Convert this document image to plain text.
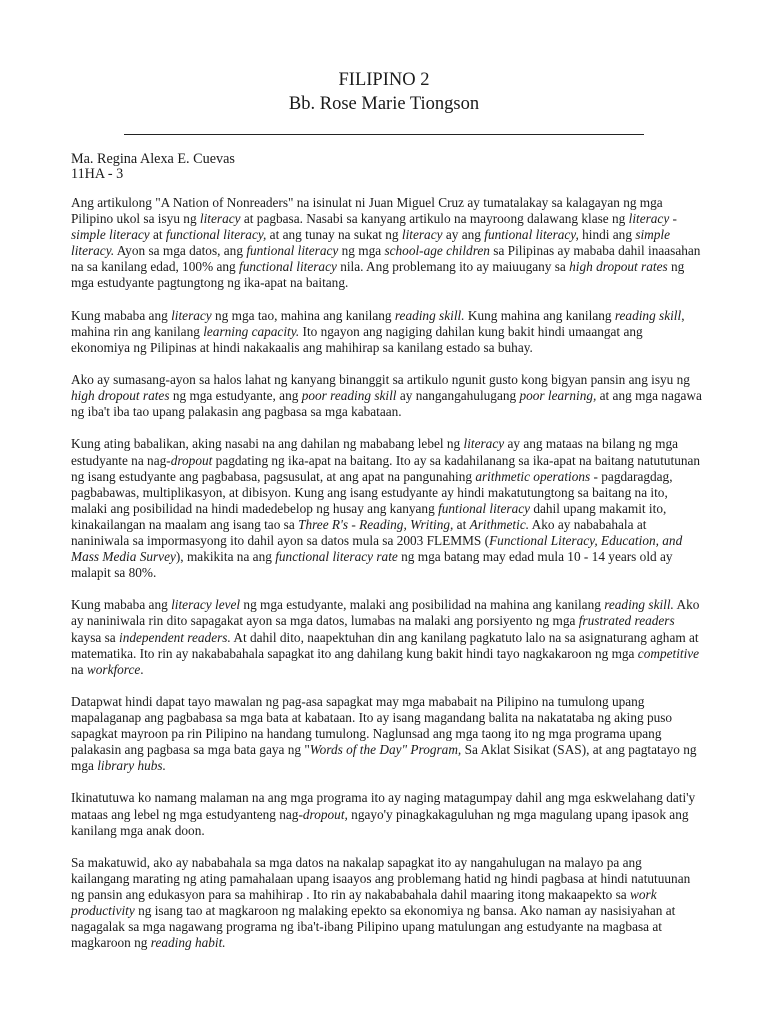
FILIPINO 2
Bb. Rose Marie Tiongson
Ma. Regina Alexa E. Cuevas
11HA - 3

Ang artikulong "A Nation of Nonreaders" na isinulat ni Juan Miguel Cruz ay tumatalakay sa kalagayan ng mga Pilipino ukol sa isyu ng literacy at pagbasa. Nasabi sa kanyang artikulo na mayroong dalawang klase ng literacy - simple literacy at functional literacy, at ang tunay na sukat ng literacy ay ang funtional literacy, hindi ang simple literacy. Ayon sa mga datos, ang funtional literacy ng mga school-age children sa Pilipinas ay mababa dahil inaasahan na sa kanilang edad, 100% ang functional literacy nila. Ang problemang ito ay maiuugany sa high dropout rates ng mga estudyante pagtungtong ng ika-apat na baitang.

Kung mababa ang literacy ng mga tao, mahina ang kanilang reading skill. Kung mahina ang kanilang reading skill, mahina rin ang kanilang learning capacity. Ito ngayon ang nagiging dahilan kung bakit hindi umaangat ang ekonomiya ng Pilipinas at hindi nakakaalis ang mahihirap sa kanilang estado sa buhay.

Ako ay sumasang-ayon sa halos lahat ng kanyang binanggit sa artikulo ngunit gusto kong bigyan pansin ang isyu ng high dropout rates ng mga estudyante, ang poor reading skill ay nangangahulugang poor learning, at ang mga nagawa ng iba't iba tao upang palakasin ang pagbasa sa mga kabataan.

Kung ating babalikan, aking nasabi na ang dahilan ng mababang lebel ng literacy ay ang mataas na bilang ng mga estudyante na nag-dropout pagdating ng ika-apat na baitang. Ito ay sa kadahilanang sa ika-apat na baitang natututunan ng isang estudyante ang pagbabasa, pagsusulat, at ang apat na pangunahing arithmetic operations - pagdaragdag, pagbabawas, multiplikasyon, at dibisyon. Kung ang isang estudyante ay hindi makatutungtong sa baitang na ito, malaki ang posibilidad na hindi madedebelop ng husay ang kanyang funtional literacy dahil upang makamit ito, kinakailangan na maalam ang isang tao sa Three R's - Reading, Writing, at Arithmetic. Ako ay nababahala at naniniwala sa impormasyong ito dahil ayon sa datos mula sa 2003 FLEMMS (Functional Literacy, Education, and Mass Media Survey), makikita na ang functional literacy rate ng mga batang may edad mula 10 - 14 years old ay malapit sa 80%.

Kung mababa ang literacy level ng mga estudyante, malaki ang posibilidad na mahina ang kanilang reading skill. Ako ay naniniwala rin dito sapagakat ayon sa mga datos, lumabas na malaki ang porsiyento ng mga frustrated readers kaysa sa independent readers. At dahil dito, naapektuhan din ang kanilang pagkatuto lalo na sa asignaturang agham at matematika. Ito rin ay nakababahala sapagkat ito ang dahilang kung bakit hindi tayo nagkakaroon ng mga competitive na workforce.

Datapwat hindi dapat tayo mawalan ng pag-asa sapagkat may mga mababait na Pilipino na tumulong upang mapalaganap ang pagbabasa sa mga bata at kabataan. Ito ay isang magandang balita na nakatataba ng aking puso sapagkat mayroon pa rin Pilipino na handang tumulong. Naglunsad ang mga taong ito ng mga programa upang palakasin ang pagbasa sa mga bata gaya ng "Words of the Day" Program, Sa Aklat Sisikat (SAS), at ang pagtatayo ng mga library hubs.

Ikinatutuwa ko namang malaman na ang mga programa ito ay naging matagumpay dahil ang mga eskwelahang dati'y mataas ang lebel ng mga estudyanteng nag-dropout, ngayo'y pinagkakaguluhan ng mga magulang upang ipasok ang kanilang mga anak doon.

Sa makatuwid, ako ay nababahala sa mga datos na nakalap sapagkat ito ay nangahulugan na malayo pa ang kailangang marating ng ating pamahalaan upang isaayos ang problemang hatid ng hindi pagbasa at hindi natutuunan ng pansin ang edukasyon para sa mahihirap . Ito rin ay nakababahala dahil maaring itong makaapekto sa work productivity ng isang tao at magkaroon ng malaking epekto sa ekonomiya ng bansa. Ako naman ay nasisiyahan at nagagalak sa mga nagawang programa ng iba't-ibang Pilipino upang matulungan ang estudyante na magbasa at magkaroon ng reading habit.
